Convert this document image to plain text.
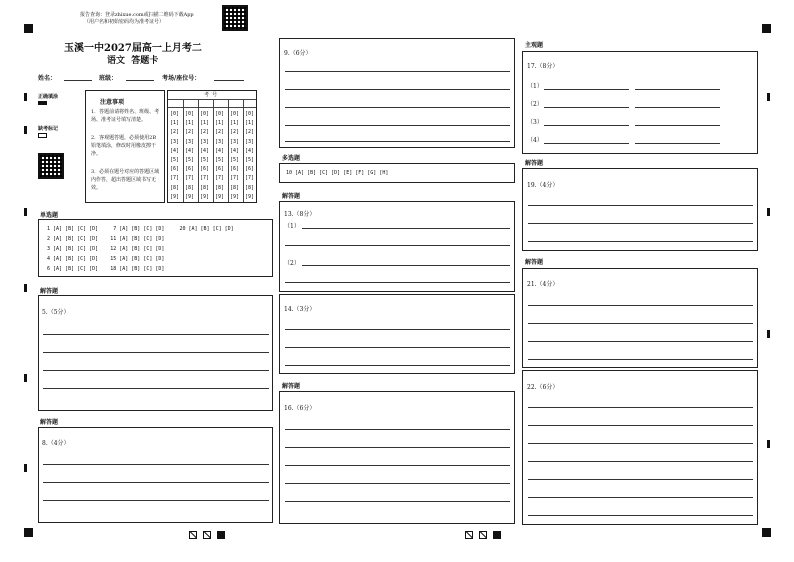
报告查询：登录zhixue.com或扫描二维码下载App
（用户名和初始密码均为准考证号）
玉溪一中2027届高一上月考二
语文  答题卡
姓名：	班级：	考场/座位号：
正确填涂
缺考标记
注意事项
1．答题前请将姓名、班级、考场、准考证号填写清楚。
2．客观题答题，必须使用2B铅笔填涂，修改时用橡皮擦干净。
3．必须在题号对应的答题区域内作答，超出答题区域书写无效。
考  号
[0]
[1]
[2]
[3]
[4]
[5]
[6]
[7]
[8]
[9]
[0]
[1]
[2]
[3]
[4]
[5]
[6]
[7]
[8]
[9]
[0]
[1]
[2]
[3]
[4]
[5]
[6]
[7]
[8]
[9]
[0]
[1]
[2]
[3]
[4]
[5]
[6]
[7]
[8]
[9]
[0]
[1]
[2]
[3]
[4]
[5]
[6]
[7]
[8]
[9]
[0]
[1]
[2]
[3]
[4]
[5]
[6]
[7]
[8]
[9]
单选题
1 [A] [B] [C] [D]     7 [A] [B] [C] [D]     20 [A] [B] [C] [D]
2 [A] [B] [C] [D]    11 [A] [B] [C] [D]
3 [A] [B] [C] [D]    12 [A] [B] [C] [D]
4 [A] [B] [C] [D]    15 [A] [B] [C] [D]
6 [A] [B] [C] [D]    18 [A] [B] [C] [D]
解答题
5.（5分）
解答题
8.（4分）
9.（6分）
多选题
10 [A] [B] [C] [D] [E] [F] [G] [H]
解答题
13.（8分）
（1）
（2）
14.（3分）
解答题
16.（6分）
主观题
17.（8分）
（1）
（2）
（3）
（4）
解答题
19.（4分）
解答题
21.（4分）
22.（6分）
